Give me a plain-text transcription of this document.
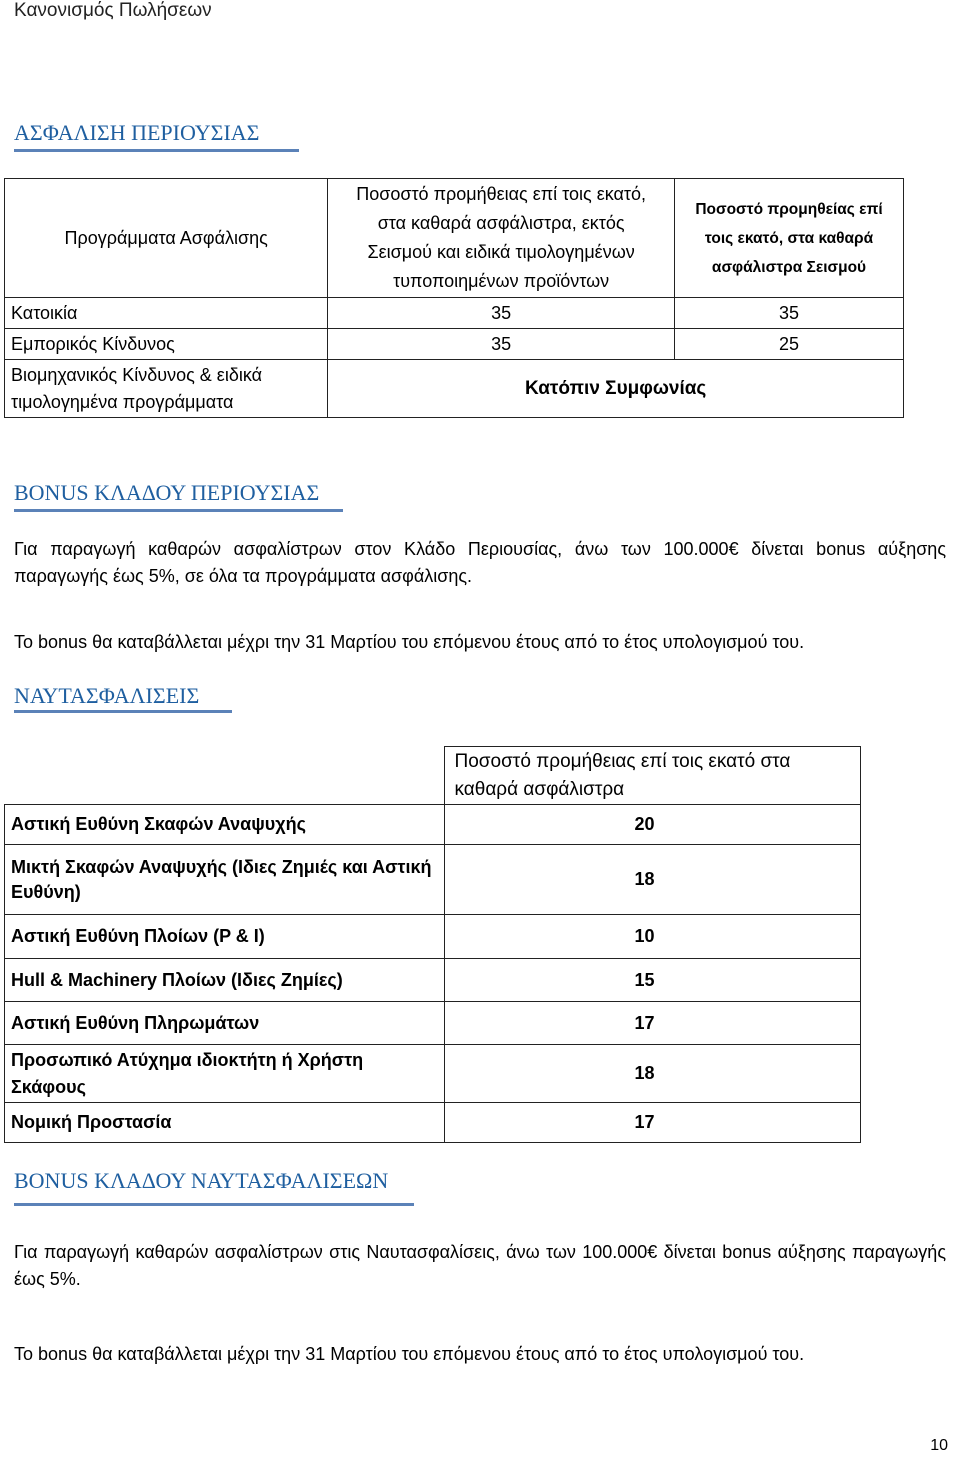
Κανονισμός Πωλήσεων
ΑΣΦΑΛΙΣΗ ΠΕΡΙΟΥΣΙΑΣ
Προγράμματα Ασφάλισης	Ποσοστό προμήθειας επί τοις εκατό, στα καθαρά ασφάλιστρα, εκτός Σεισμού και ειδικά τιμολογημένων τυποποιημένων προϊόντων	Ποσοστό προμηθείας επί τοις εκατό, στα καθαρά ασφάλιστρα Σεισμού
Κατοικία	35	35
Εμπορικός Κίνδυνος	35	25
Βιομηχανικός Κίνδυνος & ειδικά τιμολογημένα προγράμματα	Κατόπιν Συμφωνίας	
BONUS ΚΛΑΔΟΥ ΠΕΡΙΟΥΣΙΑΣ
Για παραγωγή καθαρών ασφαλίστρων στον Κλάδο Περιουσίας, άνω των 100.000€ δίνεται bonus αύξησης παραγωγής έως 5%, σε όλα τα προγράμματα ασφάλισης.
Το bonus θα καταβάλλεται μέχρι την 31 Μαρτίου του επόμενου έτους από το έτος υπολογισμού του.
ΝΑΥΤΑΣΦΑΛΙΣΕΙΣ
	Ποσοστό προμήθειας επί τοις εκατό στα καθαρά ασφάλιστρα
Αστική Ευθύνη Σκαφών Αναψυχής	20
Μικτή Σκαφών Αναψυχής (Ιδιες Ζημιές και Αστική Ευθύνη)	18
Αστική Ευθύνη Πλοίων (P & I)	10
Hull & Machinery Πλοίων (Ιδιες Ζημίες)	15
Αστική Ευθύνη Πληρωμάτων	17
Προσωπικό Ατύχημα ιδιοκτήτη ή Χρήστη Σκάφους	18
Νομική Προστασία	17
BONUS ΚΛΑΔΟΥ ΝΑΥΤΑΣΦΑΛΙΣΕΩΝ
Για παραγωγή καθαρών ασφαλίστρων στις Ναυτασφαλίσεις, άνω των 100.000€ δίνεται bonus αύξησης παραγωγής έως 5%.
Το bonus θα καταβάλλεται μέχρι την 31 Μαρτίου του επόμενου έτους από το έτος υπολογισμού του.
10
